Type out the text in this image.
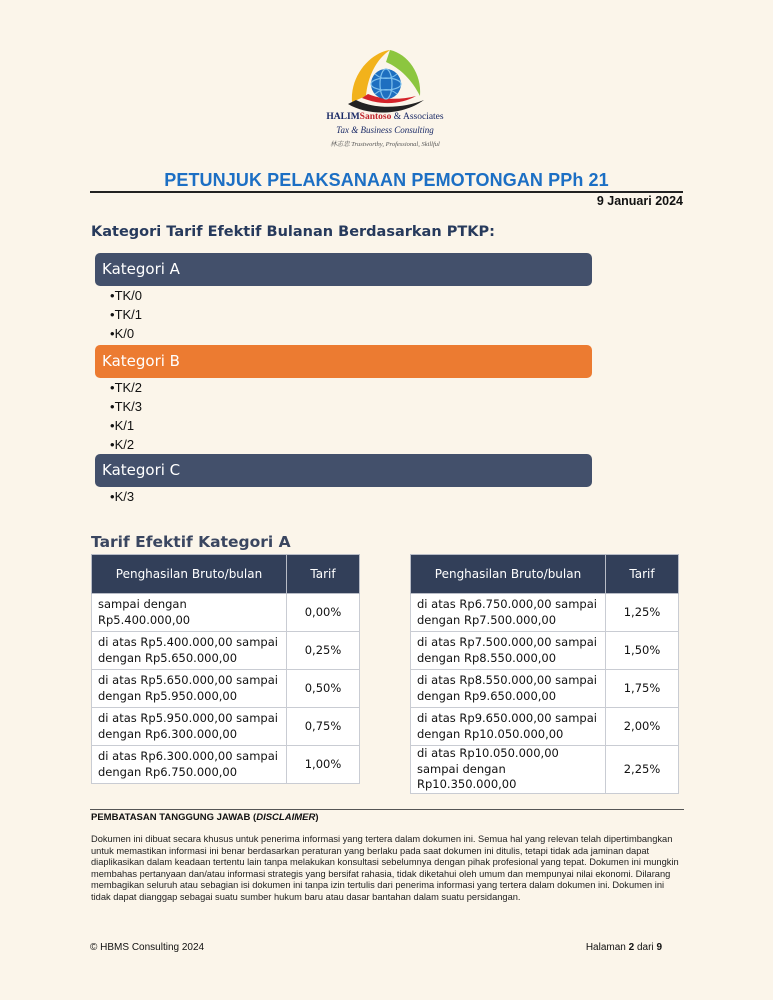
HALIMSantoso & Associates
Tax & Business Consulting
林志忠 Trustworthy, Professional, Skillful
PETUNJUK PELAKSANAAN PEMOTONGAN PPh 21
9 Januari 2024
Kategori Tarif Efektif Bulanan Berdasarkan PTKP:
Kategori A
• TK/0
• TK/1
• K/0
Kategori B
• TK/2
• TK/3
• K/1
• K/2
Kategori C
• K/3
Tarif Efektif Kategori A
Penghasilan Bruto/bulan	Tarif
sampai dengan Rp5.400.000,00	0,00%
di atas Rp5.400.000,00 sampai dengan Rp5.650.000,00	0,25%
di atas Rp5.650.000,00 sampai dengan Rp5.950.000,00	0,50%
di atas Rp5.950.000,00 sampai dengan Rp6.300.000,00	0,75%
di atas Rp6.300.000,00 sampai dengan Rp6.750.000,00	1,00%
Penghasilan Bruto/bulan	Tarif
di atas Rp6.750.000,00 sampai dengan Rp7.500.000,00	1,25%
di atas Rp7.500.000,00 sampai dengan Rp8.550.000,00	1,50%
di atas Rp8.550.000,00 sampai dengan Rp9.650.000,00	1,75%
di atas Rp9.650.000,00 sampai dengan Rp10.050.000,00	2,00%
di atas Rp10.050.000,00 sampai dengan Rp10.350.000,00	2,25%
PEMBATASAN TANGGUNG JAWAB (DISCLAIMER)
Dokumen ini dibuat secara khusus untuk penerima informasi yang tertera dalam dokumen ini. Semua hal yang relevan telah dipertimbangkan untuk memastikan informasi ini benar berdasarkan peraturan yang berlaku pada saat dokumen ini ditulis, tetapi tidak ada jaminan dapat diaplikasikan dalam keadaan tertentu lain tanpa melakukan konsultasi sebelumnya dengan pihak profesional yang tepat. Dokumen ini mungkin membahas pertanyaan dan/atau informasi strategis yang bersifat rahasia, tidak diketahui oleh umum dan mempunyai nilai ekonomi. Dilarang membagikan seluruh atau sebagian isi dokumen ini tanpa izin tertulis dari penerima informasi yang tertera dalam dokumen ini. Dokumen ini tidak dapat dianggap sebagai suatu sumber hukum baru atau dasar bantahan dalam suatu persidangan.
© HBMS Consulting 2024	Halaman 2 dari 9
